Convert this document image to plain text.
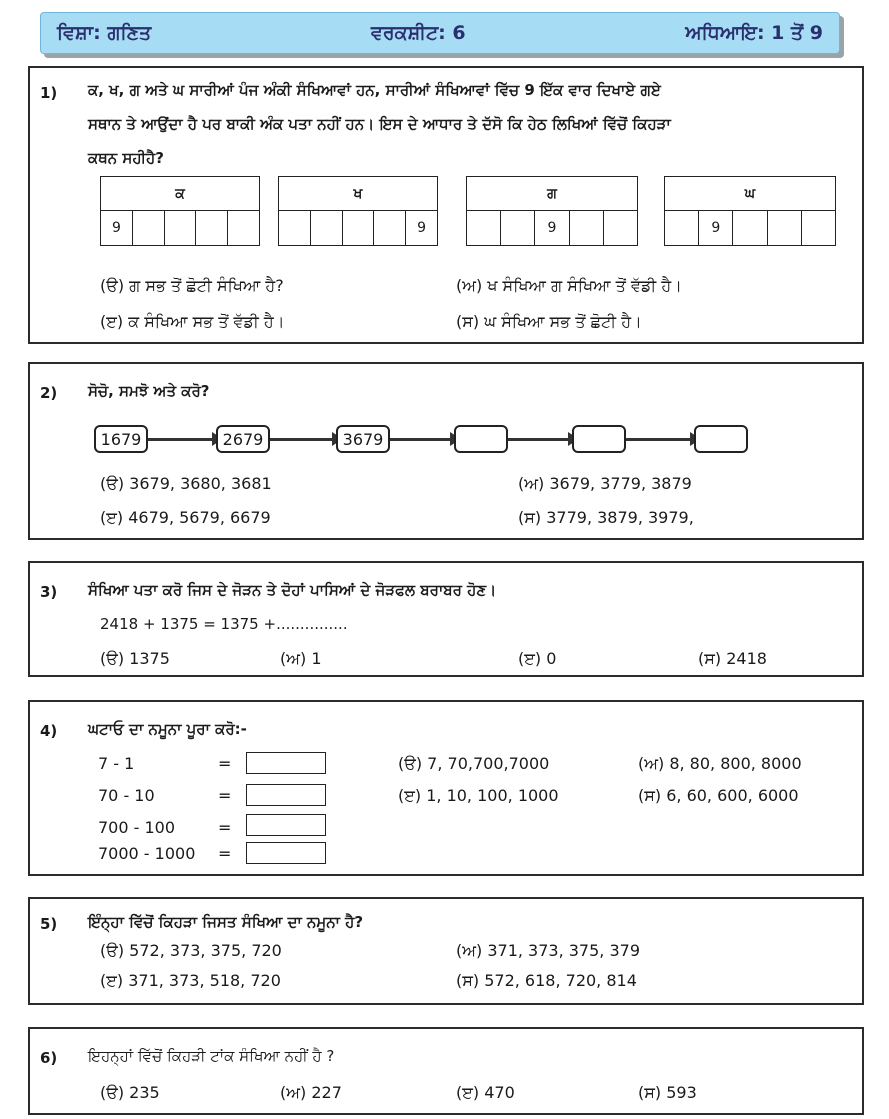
ਵਿਸ਼ਾ: ਗਣਿਤ	ਵਰਕਸ਼ੀਟ: 6	ਅਧਿਆਇ: 1 ਤੋਂ 9
1) ਕ, ਖ, ਗ ਅਤੇ ਘ ਸਾਰੀਆਂ ਪੰਜ ਅੰਕੀ ਸੰਖਿਆਵਾਂ ਹਨ, ਸਾਰੀਆਂ ਸੰਖਿਆਵਾਂ ਵਿੱਚ 9 ਇੱਕ ਵਾਰ ਦਿਖਾਏ ਗਏ
ਸਥਾਨ ਤੇ ਆਉਂਦਾ ਹੈ ਪਰ ਬਾਕੀ ਅੰਕ ਪਤਾ ਨਹੀਂ ਹਨ। ਇਸ ਦੇ ਆਧਾਰ ਤੇ ਦੱਸੋ ਕਿ ਹੇਠ ਲਿਖਿਆਂ ਵਿੱਚੋਂ ਕਿਹੜਾ
ਕਥਨ ਸਹੀਹੈ?
ਕ
9
ਖ
9
ਗ
9
ਘ
9
(ੳ) ਗ ਸਭ ਤੋਂ ਛੋਟੀ ਸੰਖਿਆ ਹੈ?	(ਅ) ਖ ਸੰਖਿਆ ਗ ਸੰਖਿਆ ਤੋਂ ਵੱਡੀ ਹੈ।
(ੲ) ਕ ਸੰਖਿਆ ਸਭ ਤੋਂ ਵੱਡੀ ਹੈ।	(ਸ) ਘ ਸੰਖਿਆ ਸਭ ਤੋਂ ਛੋਟੀ ਹੈ।
2) ਸੋਚੋ, ਸਮਝੋ ਅਤੇ ਕਰੋ?
1679	2679	3679
(ੳ) 3679, 3680, 3681	(ਅ) 3679, 3779, 3879
(ੲ) 4679, 5679, 6679	(ਸ) 3779, 3879, 3979,
3) ਸੰਖਿਆ ਪਤਾ ਕਰੋ ਜਿਸ ਦੇ ਜੋੜਨ ਤੇ ਦੋਹਾਂ ਪਾਸਿਆਂ ਦੇ ਜੋੜਫਲ ਬਰਾਬਰ ਹੋਣ।
2418 + 1375 = 1375 +...............
(ੳ) 1375	(ਅ) 1	(ੲ) 0	(ਸ) 2418
4) ਘਟਾਓ ਦਾ ਨਮੂਨਾ ਪੂਰਾ ਕਰੋ:-
7 - 1	=
70 - 10	=
700 - 100	=
7000 - 1000 =
(ੳ) 7, 70,700,7000	(ਅ) 8, 80, 800, 8000
(ੲ) 1, 10, 100, 1000	(ਸ) 6, 60, 600, 6000
5) ਇੰਨ੍ਹਾ ਵਿੱਚੋਂ ਕਿਹੜਾ ਜਿਸਤ ਸੰਖਿਆ ਦਾ ਨਮੂਨਾ ਹੈ?
(ੳ) 572, 373, 375, 720	(ਅ) 371, 373, 375, 379
(ੲ) 371, 373, 518, 720	(ਸ) 572, 618, 720, 814
6) ਇਹਨ੍ਹਾਂ ਵਿੱਚੋਂ ਕਿਹੜੀ ਟਾਂਕ ਸੰਖਿਆ ਨਹੀਂ ਹੈ ?
(ੳ) 235	(ਅ) 227	(ੲ) 470	(ਸ) 593
